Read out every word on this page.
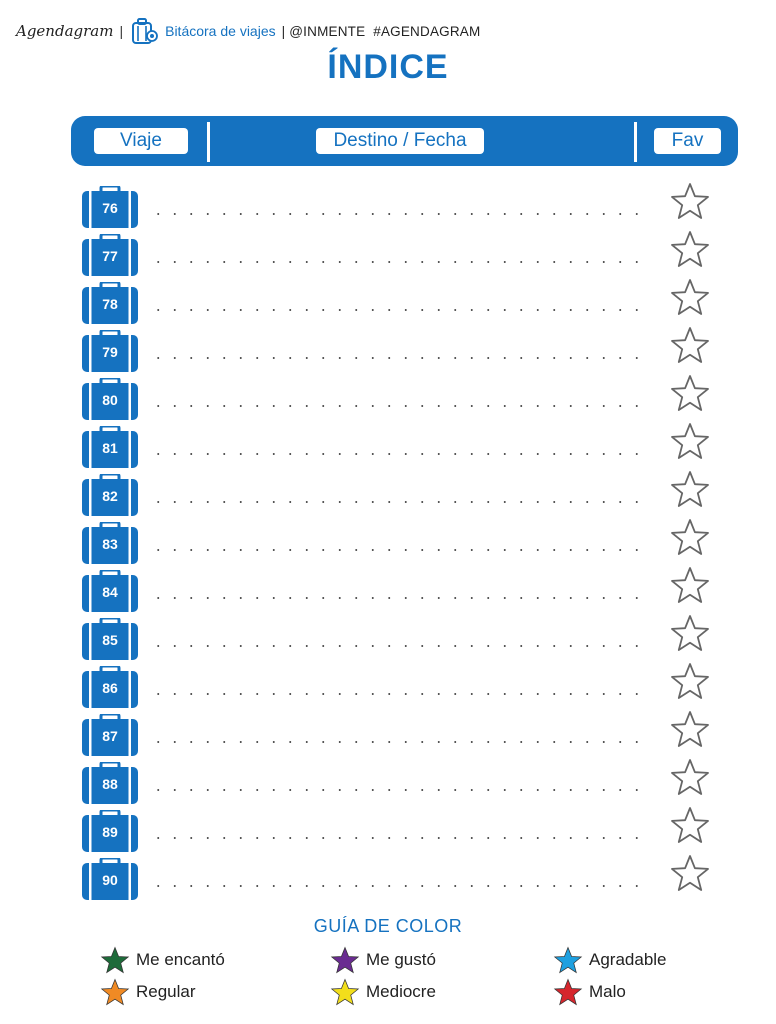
Agendagram |	Bitácora de viajes | @INMENTE  #AGENDAGRAM
ÍNDICE
Viaje	Destino / Fecha	Fav
76
77
78
79
80
81
82
83
84
85
86
87
88
89
90
GUÍA DE COLOR
Me encantó	Me gustó	Agradable
Regular	Mediocre	Malo
